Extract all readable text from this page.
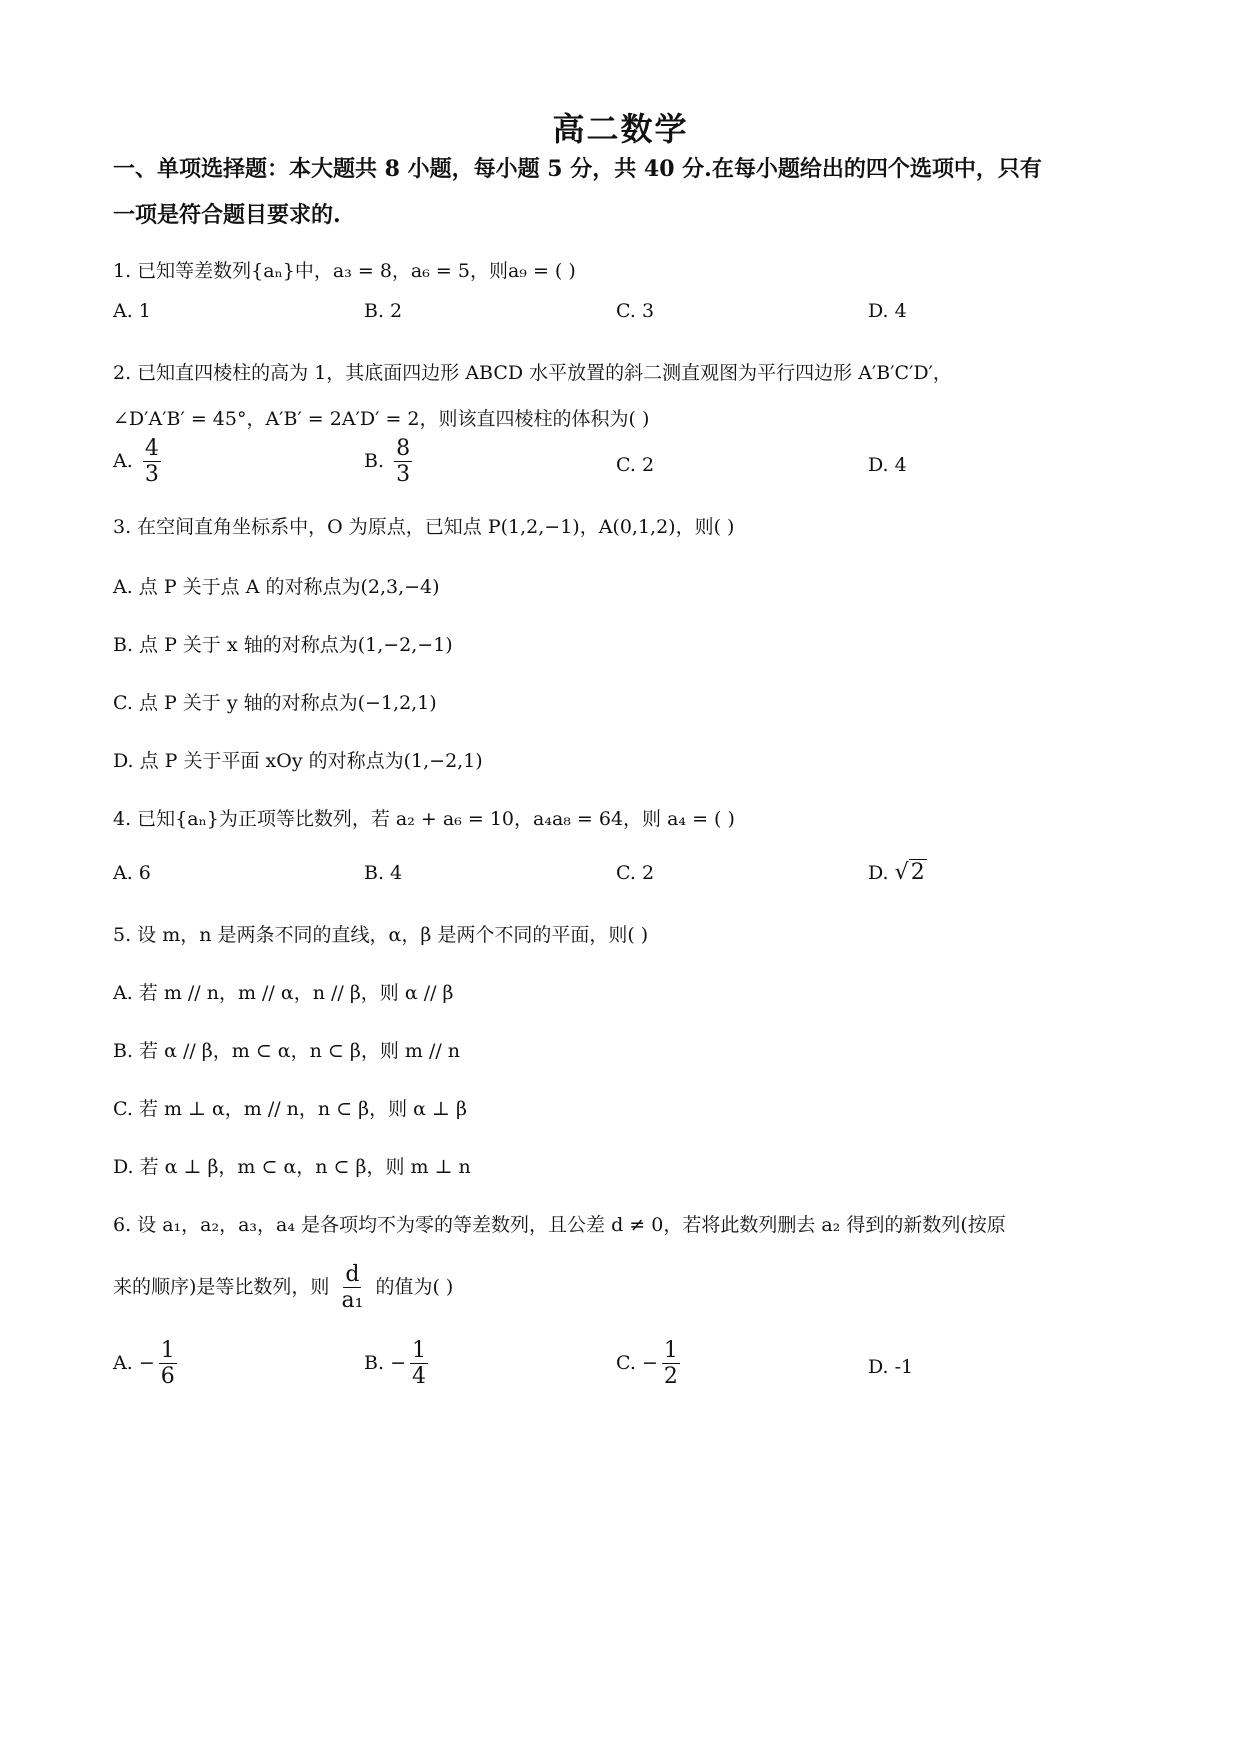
高二数学
一、单项选择题：本大题共 8 小题，每小题 5 分，共 40 分.在每小题给出的四个选项中，只有
一项是符合题目要求的.
1. 已知等差数列{aₙ}中，a₃ = 8，a₆ = 5，则a₉ = ( )
A. 1	B. 2	C. 3	D. 4
2. 已知直四棱柱的高为 1，其底面四边形 ABCD 水平放置的斜二测直观图为平行四边形 A′B′C′D′，
∠D′A′B′ = 45°，A′B′ = 2A′D′ = 2，则该直四棱柱的体积为( )
A. $\frac{4}{3}$	B. $\frac{8}{3}$	C. 2	D. 4
3. 在空间直角坐标系中，O 为原点，已知点 P(1,2,−1)，A(0,1,2)，则( )
A. 点 P 关于点 A 的对称点为(2,3,−4)
B. 点 P 关于 x 轴的对称点为(1,−2,−1)
C. 点 P 关于 y 轴的对称点为(−1,2,1)
D. 点 P 关于平面 xOy 的对称点为(1,−2,1)
4. 已知{aₙ}为正项等比数列，若 a₂ + a₆ = 10，a₄a₈ = 64，则 a₄ = ( )
A. 6	B. 4	C. 2	D. √2
5. 设 m，n 是两条不同的直线，α，β 是两个不同的平面，则( )
A. 若 m // n，m // α，n // β，则 α // β
B. 若 α // β，m ⊂ α，n ⊂ β，则 m // n
C. 若 m ⊥ α，m // n，n ⊂ β，则 α ⊥ β
D. 若 α ⊥ β，m ⊂ α，n ⊂ β，则 m ⊥ n
6. 设 a₁，a₂，a₃，a₄ 是各项均不为零的等差数列，且公差 d ≠ 0，若将此数列删去 a₂ 得到的新数列(按原
来的顺序)是等比数列，则 $\frac{d}{\text{a₁}}$ 的值为( )
A. − $\frac{1}{6}$	B. − $\frac{1}{4}$	C. − $\frac{1}{2}$	D. -1
